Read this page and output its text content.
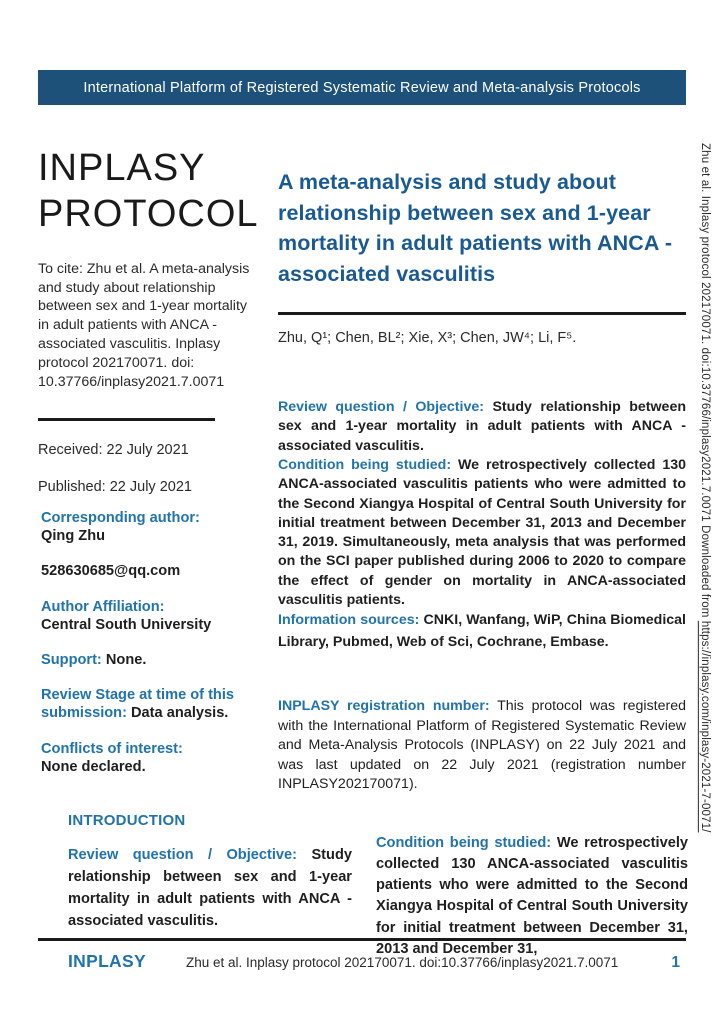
International Platform of Registered Systematic Review and Meta-analysis Protocols
INPLASY
PROTOCOL

To cite: Zhu et al. A meta-analysis and study about relationship between sex and 1-year mortality in adult patients with ANCA - associated vasculitis. Inplasy protocol 202170071. doi: 10.37766/inplasy2021.7.0071

Received: 22 July 2021

Published: 22 July 2021

Corresponding author:
Qing Zhu
528630685@qq.com
Author Affiliation:
Central South University
Support: None.
Review Stage at time of this submission: Data analysis.
Conflicts of interest:
None declared.
A meta-analysis and study about relationship between sex and 1-year mortality in adult patients with ANCA - associated vasculitis

Zhu, Q¹; Chen, BL²; Xie, X³; Chen, JW⁴; Li, F⁵.

Review question / Objective: Study relationship between sex and 1-year mortality in adult patients with ANCA - associated vasculitis.

Condition being studied: We retrospectively collected 130 ANCA-associated vasculitis patients who were admitted to the Second Xiangya Hospital of Central South University for initial treatment between December 31, 2013 and December 31, 2019. Simultaneously, meta analysis that was performed on the SCI paper published during 2006 to 2020 to compare the effect of gender on mortality in ANCA-associated vasculitis patients.

Information sources: CNKI, Wanfang, WiP, China Biomedical Library, Pubmed, Web of Sci, Cochrane, Embase.

INPLASY registration number: This protocol was registered with the International Platform of Registered Systematic Review and Meta-Analysis Protocols (INPLASY) on 22 July 2021 and was last updated on 22 July 2021 (registration number INPLASY202170071).

INTRODUCTION

Review question / Objective: Study relationship between sex and 1-year mortality in adult patients with ANCA - associated vasculitis.

Condition being studied: We retrospectively collected 130 ANCA-associated vasculitis patients who were admitted to the Second Xiangya Hospital of Central South University for initial treatment between December 31, 2013 and December 31,

INPLASY	Zhu et al. Inplasy protocol 202170071. doi:10.37766/inplasy2021.7.0071	1
Zhu et al. Inplasy protocol 202170071. doi:10.37766/inplasy2021.7.0071 Downloaded from https://inplasy.com/inplasy-2021-7-0071/
